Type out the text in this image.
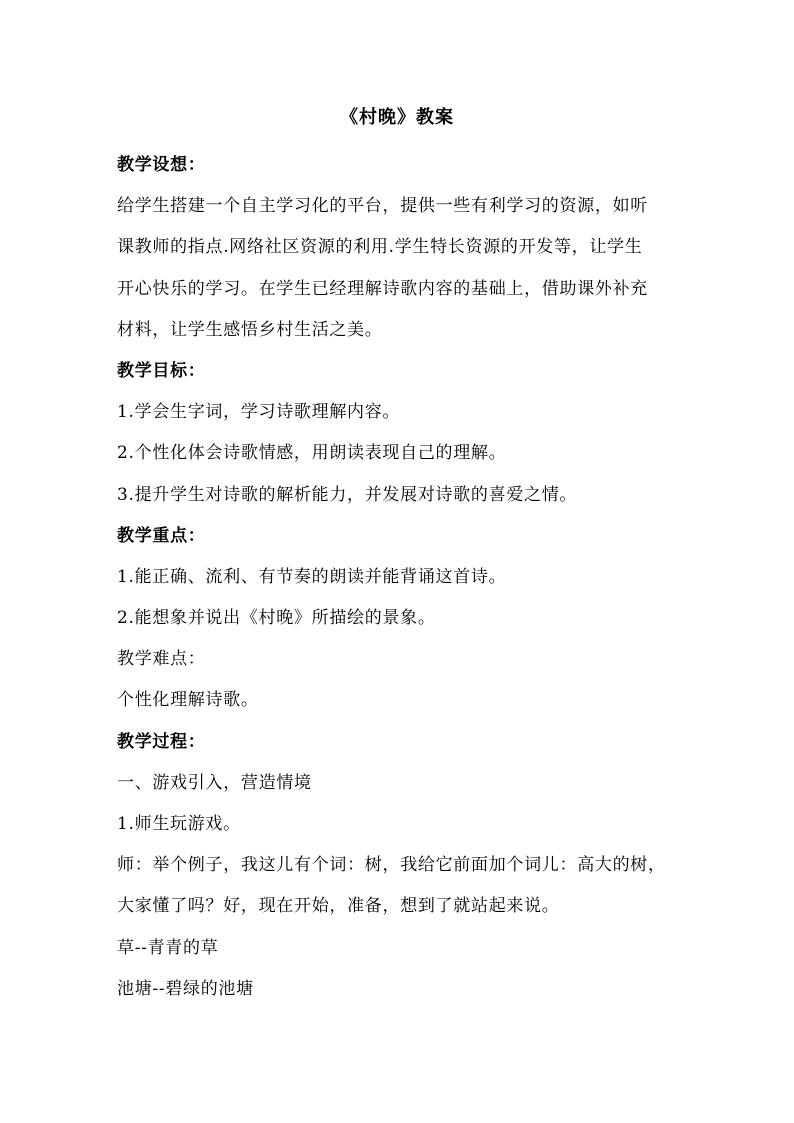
《村晚》教案
教学设想：
给学生搭建一个自主学习化的平台，提供一些有利学习的资源，如听
课教师的指点.网络社区资源的利用.学生特长资源的开发等，让学生
开心快乐的学习。在学生已经理解诗歌内容的基础上，借助课外补充
材料，让学生感悟乡村生活之美。
教学目标：
1.学会生字词，学习诗歌理解内容。
2.个性化体会诗歌情感，用朗读表现自己的理解。
3.提升学生对诗歌的解析能力，并发展对诗歌的喜爱之情。
教学重点：
1.能正确、流利、有节奏的朗读并能背诵这首诗。
2.能想象并说出《村晚》所描绘的景象。
教学难点：
个性化理解诗歌。
教学过程：
一、游戏引入，营造情境
1.师生玩游戏。
师：举个例子，我这儿有个词：树，我给它前面加个词儿：高大的树，
大家懂了吗？好，现在开始，准备，想到了就站起来说。
草--青青的草
池塘--碧绿的池塘
